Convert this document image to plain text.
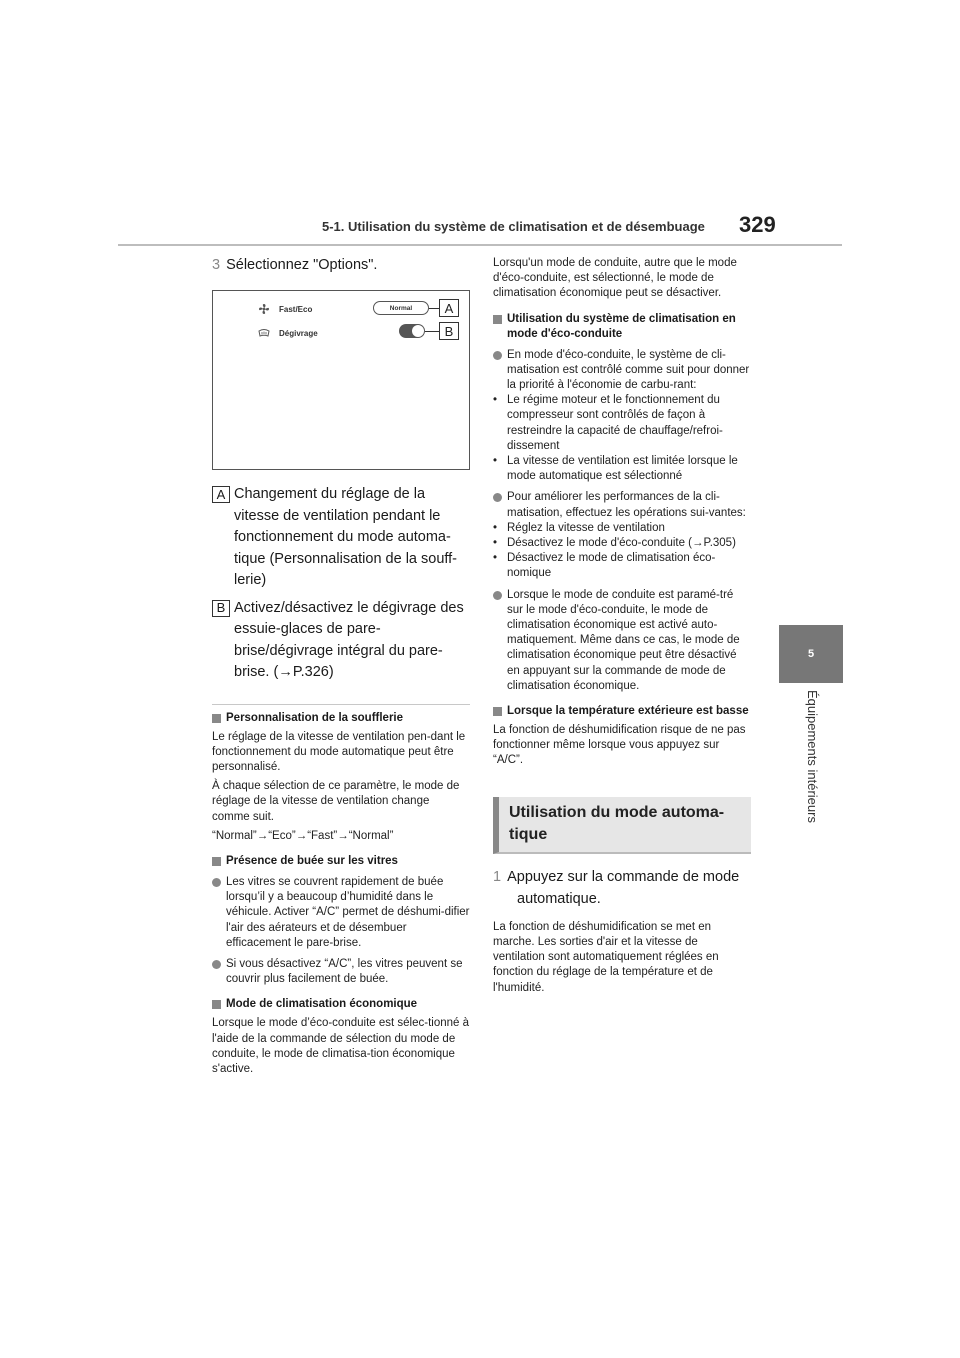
5-1. Utilisation du système de climatisation et de désembuage 329
5
Équipements intérieurs
3 Sélectionnez "Options".
Fast/Eco	Normal
Dégivrage
A
B
A Changement du réglage de la vitesse de ventilation pendant le fonctionnement du mode automa-tique (Personnalisation de la souff-lerie)
B Activez/désactivez le dégivrage des essuie-glaces de pare-brise/dégivrage intégral du pare-brise. (→P.326)
Personnalisation de la soufflerie
Le réglage de la vitesse de ventilation pen-dant le fonctionnement du mode automatique peut être personnalisé.
À chaque sélection de ce paramètre, le mode de réglage de la vitesse de ventilation change comme suit.
“Normal”→“Eco”→“Fast”→“Normal”
Présence de buée sur les vitres
Les vitres se couvrent rapidement de buée lorsqu’il y a beaucoup d’humidité dans le véhicule. Activer “A/C” permet de déshumi-difier l'air des aérateurs et de désembuer efficacement le pare-brise.
Si vous désactivez “A/C”, les vitres peuvent se couvrir plus facilement de buée.
Mode de climatisation économique
Lorsque le mode d’éco-conduite est sélec-tionné à l'aide de la commande de sélection du mode de conduite, le mode de climatisa-tion économique s'active.
Lorsqu'un mode de conduite, autre que le mode d'éco-conduite, est sélectionné, le mode de climatisation économique peut se désactiver.
Utilisation du système de climatisation en mode d'éco-conduite
En mode d'éco-conduite, le système de cli-matisation est contrôlé comme suit pour donner la priorité à l'économie de carbu-rant:
• Le régime moteur et le fonctionnement du compresseur sont contrôlés de façon à restreindre la capacité de chauffage/refroi-dissement
• La vitesse de ventilation est limitée lorsque le mode automatique est sélectionné
Pour améliorer les performances de la cli-matisation, effectuez les opérations sui-vantes:
• Réglez la vitesse de ventilation
• Désactivez le mode d'éco-conduite (→P.305)
• Désactivez le mode de climatisation éco-nomique
Lorsque le mode de conduite est paramé-tré sur le mode d'éco-conduite, le mode de climatisation économique est activé auto-matiquement. Même dans ce cas, le mode de climatisation économique peut être désactivé en appuyant sur la commande de mode de climatisation économique.
Lorsque la température extérieure est basse
La fonction de déshumidification risque de ne pas fonctionner même lorsque vous appuyez sur “A/C”.
Utilisation du mode automa-tique
1 Appuyez sur la commande de mode
automatique.
La fonction de déshumidification se met en marche. Les sorties d'air et la vitesse de ventilation sont automatiquement réglées en fonction du réglage de la température et de l'humidité.
